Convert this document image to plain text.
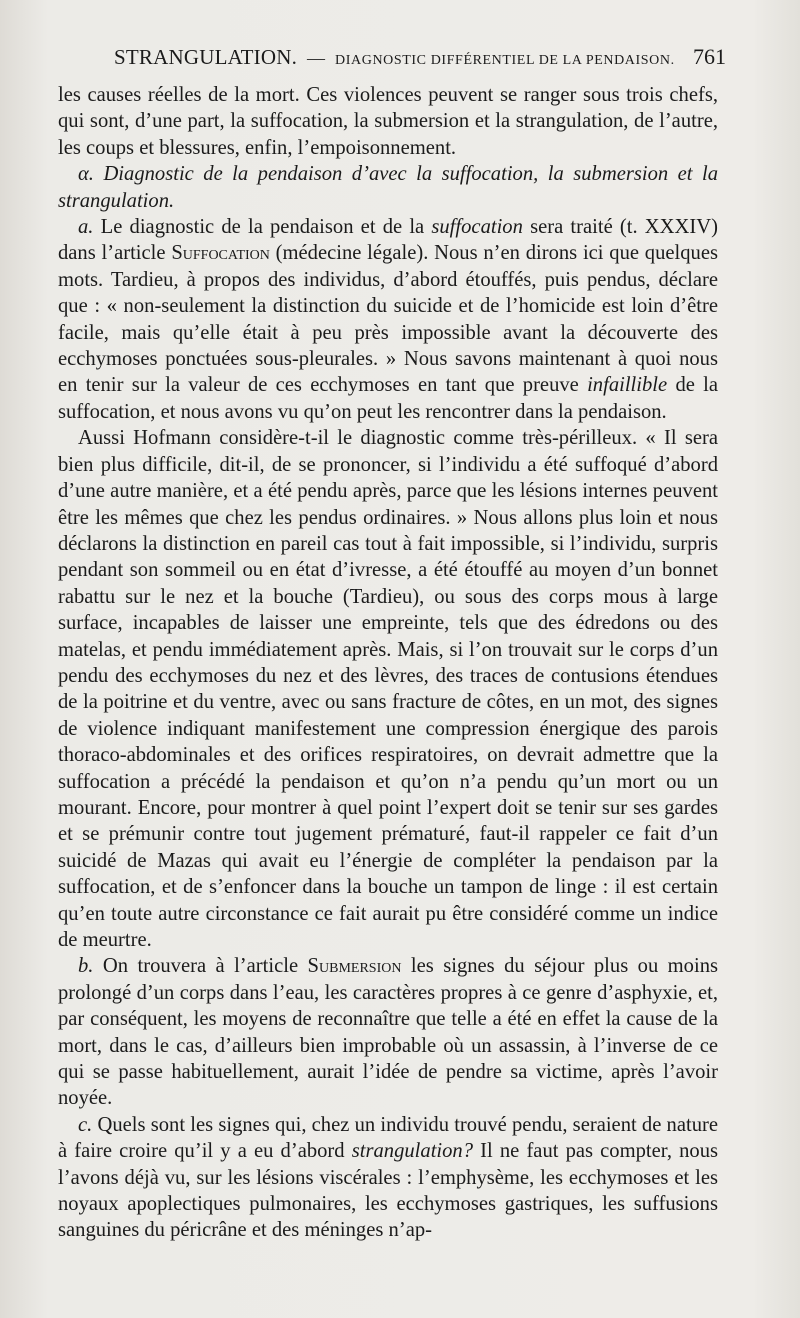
STRANGULATION. — DIAGNOSTIC DIFFÉRENTIEL DE LA PENDAISON. 761

les causes réelles de la mort. Ces violences peuvent se ranger sous trois chefs, qui sont, d’une part, la suffocation, la submersion et la strangulation, de l’autre, les coups et blessures, enfin, l’empoisonnement.

α. Diagnostic de la pendaison d’avec la suffocation, la submersion et la strangulation.

a. Le diagnostic de la pendaison et de la suffocation sera traité (t. XXXIV) dans l’article Suffocation (médecine légale). Nous n’en dirons ici que quelques mots. Tardieu, à propos des individus, d’abord étouffés, puis pendus, déclare que : « non-seulement la distinction du suicide et de l’homicide est loin d’être facile, mais qu’elle était à peu près impossible avant la découverte des ecchymoses ponctuées sous-pleurales. » Nous savons maintenant à quoi nous en tenir sur la valeur de ces ecchymoses en tant que preuve infaillible de la suffocation, et nous avons vu qu’on peut les rencontrer dans la pendaison.

Aussi Hofmann considère-t-il le diagnostic comme très-périlleux. « Il sera bien plus difficile, dit-il, de se prononcer, si l’individu a été suffoqué d’abord d’une autre manière, et a été pendu après, parce que les lésions internes peuvent être les mêmes que chez les pendus ordinaires. » Nous allons plus loin et nous déclarons la distinction en pareil cas tout à fait impossible, si l’individu, surpris pendant son sommeil ou en état d’ivresse, a été étouffé au moyen d’un bonnet rabattu sur le nez et la bouche (Tardieu), ou sous des corps mous à large surface, incapables de laisser une empreinte, tels que des édredons ou des matelas, et pendu immédiatement après. Mais, si l’on trouvait sur le corps d’un pendu des ecchymoses du nez et des lèvres, des traces de contusions étendues de la poitrine et du ventre, avec ou sans fracture de côtes, en un mot, des signes de violence indiquant manifestement une compression énergique des parois thoraco-abdominales et des orifices respiratoires, on devrait admettre que la suffocation a précédé la pendaison et qu’on n’a pendu qu’un mort ou un mourant. Encore, pour montrer à quel point l’expert doit se tenir sur ses gardes et se prémunir contre tout jugement prématuré, faut-il rappeler ce fait d’un suicidé de Mazas qui avait eu l’énergie de compléter la pendaison par la suffocation, et de s’enfoncer dans la bouche un tampon de linge : il est certain qu’en toute autre circonstance ce fait aurait pu être considéré comme un indice de meurtre.

b. On trouvera à l’article Submersion les signes du séjour plus ou moins prolongé d’un corps dans l’eau, les caractères propres à ce genre d’asphyxie, et, par conséquent, les moyens de reconnaître que telle a été en effet la cause de la mort, dans le cas, d’ailleurs bien improbable où un assassin, à l’inverse de ce qui se passe habituellement, aurait l’idée de pendre sa victime, après l’avoir noyée.

c. Quels sont les signes qui, chez un individu trouvé pendu, seraient de nature à faire croire qu’il y a eu d’abord strangulation? Il ne faut pas compter, nous l’avons déjà vu, sur les lésions viscérales : l’emphysème, les ecchymoses et les noyaux apoplectiques pulmonaires, les ecchymoses gastriques, les suffusions sanguines du péricrâne et des méninges n’ap-
